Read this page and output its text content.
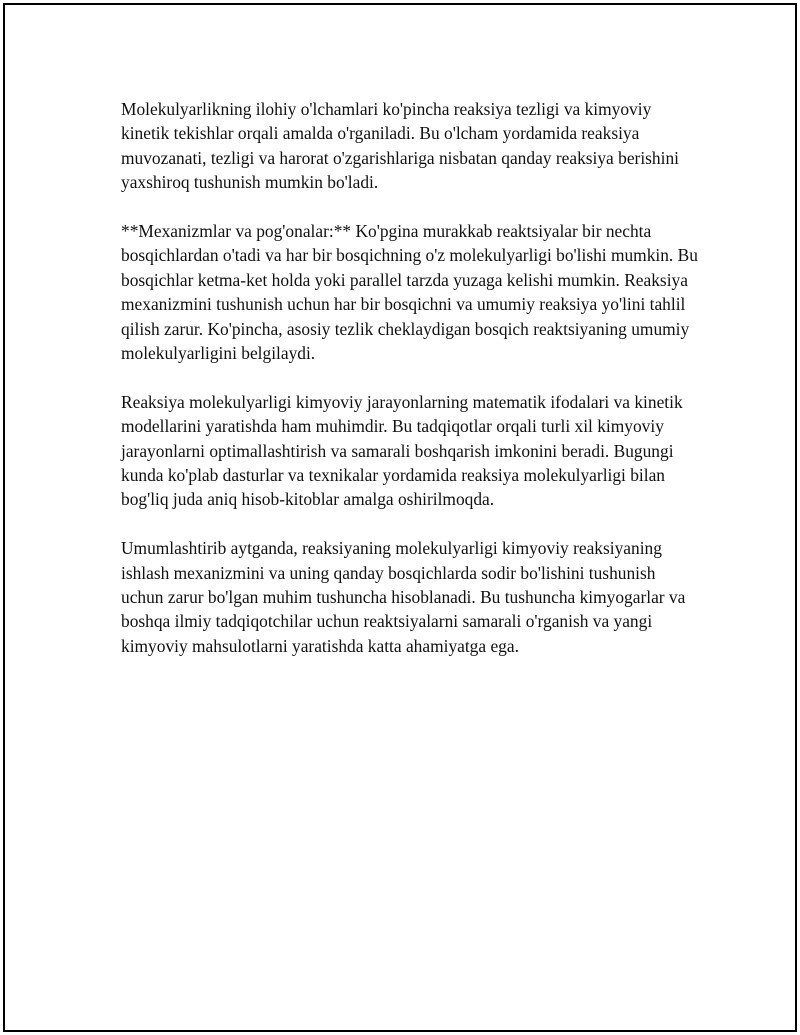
Molekulyarlikning ilohiy o'lchamlari ko'pincha reaksiya tezligi va kimyoviy kinetik tekishlar orqali amalda o'rganiladi. Bu o'lcham yordamida reaksiya muvozanati, tezligi va harorat o'zgarishlariga nisbatan qanday reaksiya berishini yaxshiroq tushunish mumkin bo'ladi.

**Mexanizmlar va pog'onalar:** Ko'pgina murakkab reaktsiyalar bir nechta bosqichlardan o'tadi va har bir bosqichning o'z molekulyarligi bo'lishi mumkin. Bu bosqichlar ketma-ket holda yoki parallel tarzda yuzaga kelishi mumkin. Reaksiya mexanizmini tushunish uchun har bir bosqichni va umumiy reaksiya yo'lini tahlil qilish zarur. Ko'pincha, asosiy tezlik cheklaydigan bosqich reaktsiyaning umumiy molekulyarligini belgilaydi.

Reaksiya molekulyarligi kimyoviy jarayonlarning matematik ifodalari va kinetik modellarini yaratishda ham muhimdir. Bu tadqiqotlar orqali turli xil kimyoviy jarayonlarni optimallashtirish va samarali boshqarish imkonini beradi. Bugungi kunda ko'plab dasturlar va texnikalar yordamida reaksiya molekulyarligi bilan bog'liq juda aniq hisob-kitoblar amalga oshirilmoqda.

Umumlashtirib aytganda, reaksiyaning molekulyarligi kimyoviy reaksiyaning ishlash mexanizmini va uning qanday bosqichlarda sodir bo'lishini tushunish uchun zarur bo'lgan muhim tushuncha hisoblanadi. Bu tushuncha kimyogarlar va boshqa ilmiy tadqiqotchilar uchun reaktsiyalarni samarali o'rganish va yangi kimyoviy mahsulotlarni yaratishda katta ahamiyatga ega.
